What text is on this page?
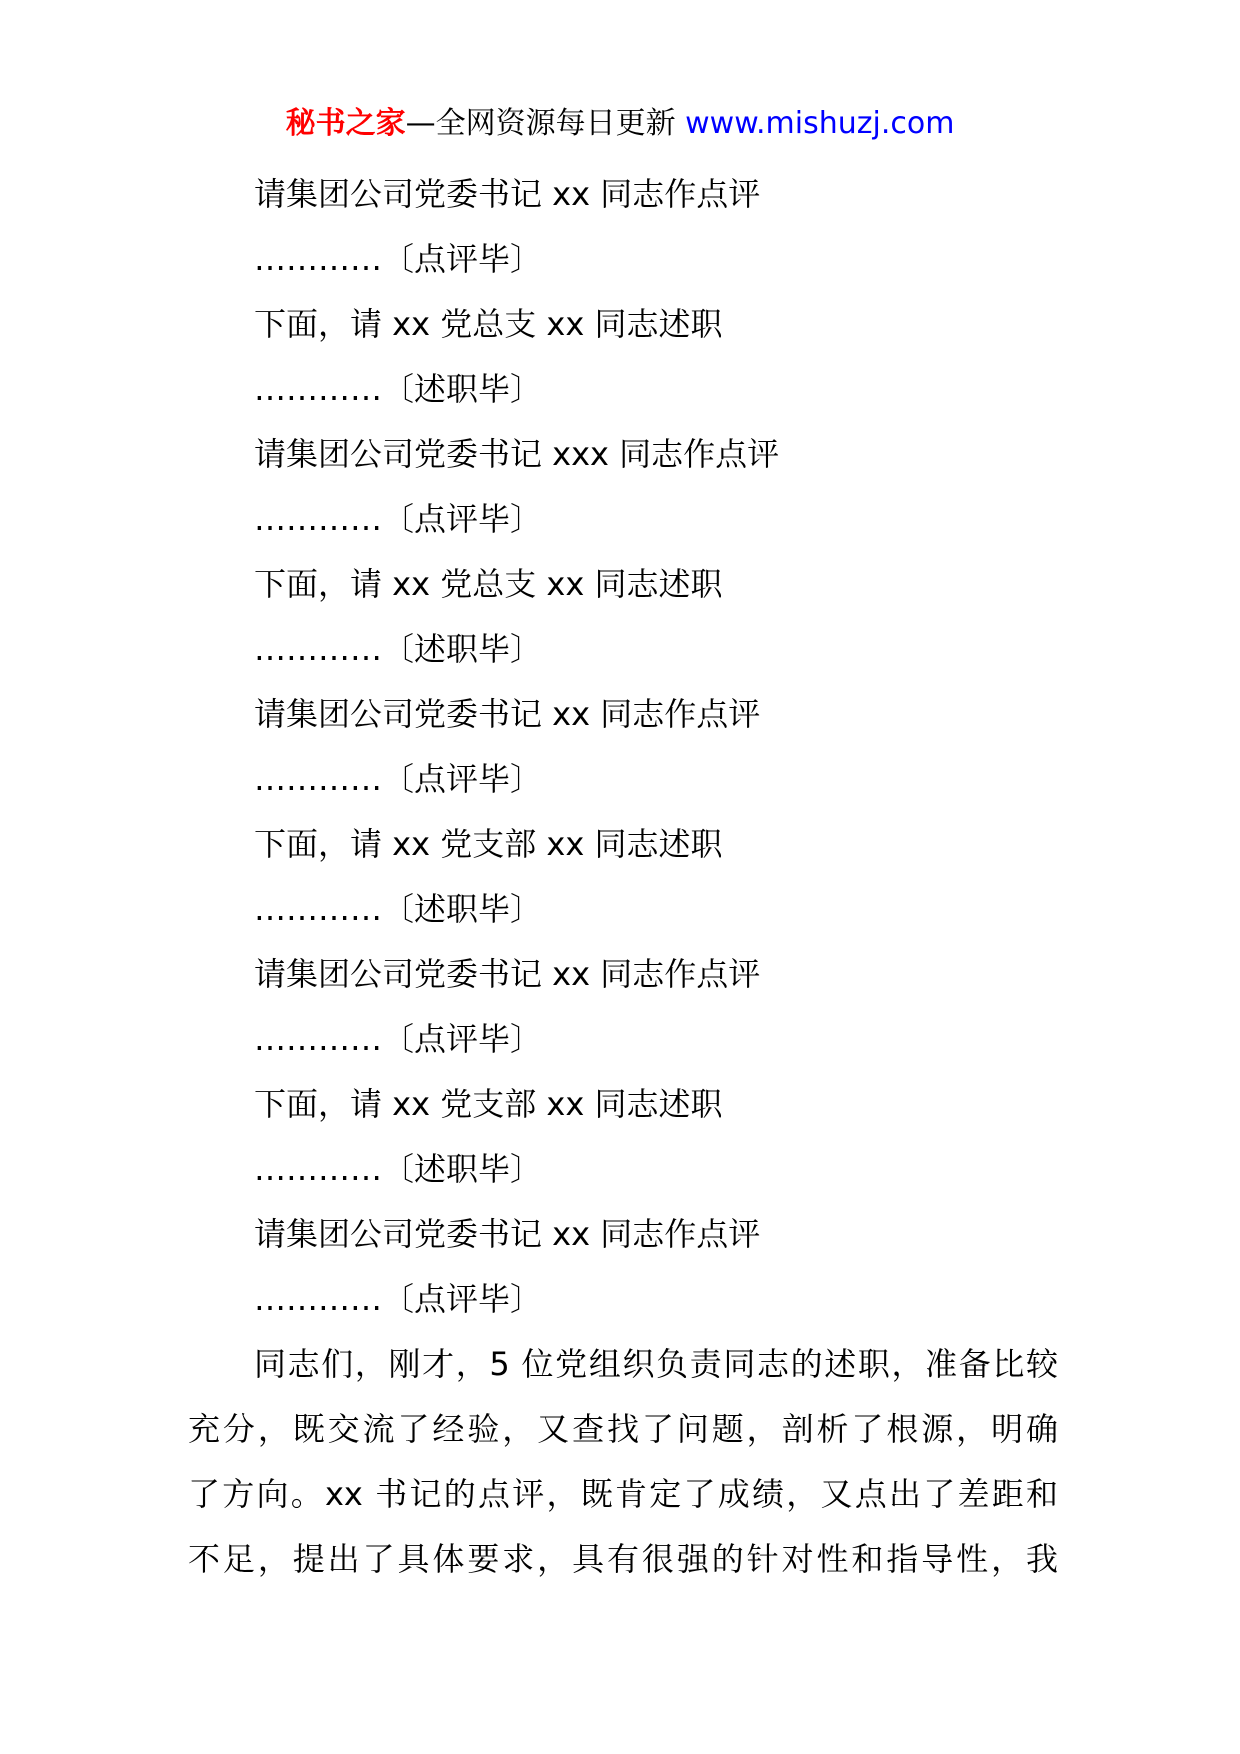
秘书之家—全网资源每日更新 www.mishuzj.com
请集团公司党委书记 xx 同志作点评
…………〔点评毕〕
下面，请 xx 党总支 xx 同志述职
…………〔述职毕〕
请集团公司党委书记 xxx 同志作点评
…………〔点评毕〕
下面，请 xx 党总支 xx 同志述职
…………〔述职毕〕
请集团公司党委书记 xx 同志作点评
…………〔点评毕〕
下面，请 xx 党支部 xx 同志述职
…………〔述职毕〕
请集团公司党委书记 xx 同志作点评
…………〔点评毕〕
下面，请 xx 党支部 xx 同志述职
…………〔述职毕〕
请集团公司党委书记 xx 同志作点评
…………〔点评毕〕
同志们，刚才，5 位党组织负责同志的述职，准备比较
充分，既交流了经验，又查找了问题，剖析了根源，明确
了方向。xx 书记的点评，既肯定了成绩，又点出了差距和
不足，提出了具体要求，具有很强的针对性和指导性，我
